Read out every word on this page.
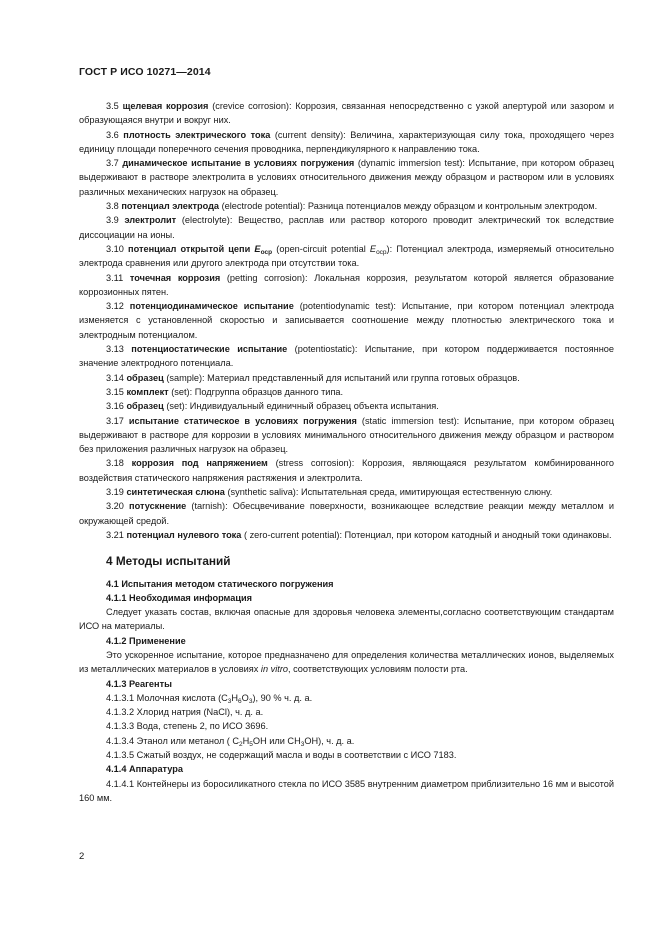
ГОСТ Р ИСО 10271—2014

3.5 щелевая коррозия (crevice corrosion): Коррозия, связанная непосредственно с узкой апертурой или зазором и образующаяся внутри и вокруг них.

3.6 плотность электрического тока (current density): Величина, характеризующая силу тока, проходящего через единицу площади поперечного сечения проводника, перпендикулярного к направлению тока.

3.7 динамическое испытание в условиях погружения (dynamic immersion test): Испытание, при котором образец выдерживают в растворе электролита в условиях относительного движения между образцом и раствором или в условиях различных механических нагрузок на образец.

3.8 потенциал электрода (electrode potential): Разница потенциалов между образцом и контрольным электродом.

3.9 электролит (electrolyte): Вещество, расплав или раствор которого проводит электрический ток вследствие диссоциации на ионы.

3.10 потенциал открытой цепи $E_{ocp}$ (open-circuit potential $E_{ocp}$): Потенциал электрода, измеряемый относительно электрода сравнения или другого электрода при отсутствии тока.

3.11 точечная коррозия (petting corrosion): Локальная коррозия, результатом которой является образование коррозионных пятен.

3.12 потенциодинамическое испытание (potentiodynamic test): Испытание, при котором потенциал электрода изменяется с установленной скоростью и записывается соотношение между плотностью электрического тока и электродным потенциалом.

3.13 потенциостатические испытание (potentiostatic): Испытание, при котором поддерживается постоянное значение электродного потенциала.

3.14 образец (sample): Материал представленный для испытаний или группа готовых образцов.

3.15 комплект (set): Подгруппа образцов данного типа.

3.16 образец (set): Индивидуальный единичный образец объекта испытания.

3.17 испытание статическое в условиях погружения (static immersion test): Испытание, при котором образец выдерживают в растворе для коррозии в условиях минимального относительного движения между образцом и раствором без приложения различных нагрузок на образец.

3.18 коррозия под напряжением (stress corrosion): Коррозия, являющаяся результатом комбинированного воздействия статического напряжения растяжения и электролита.

3.19 синтетическая слюна (synthetic saliva): Испытательная среда, имитирующая естественную слюну.

3.20 потускнение (tarnish): Обесцвечивание поверхности, возникающее вследствие реакции между металлом и окружающей средой.

3.21 потенциал нулевого тока ( zero-current potential): Потенциал, при котором катодный и анодный токи одинаковы.

4 Методы испытаний

4.1 Испытания методом статического погружения

4.1.1 Необходимая информация

Следует указать состав, включая опасные для здоровья человека элементы,согласно соответствующим стандартам ИСО на материалы.

4.1.2 Применение

Это ускоренное испытание, которое предназначено для определения количества металлических ионов, выделяемых из металлических материалов в условиях in vitro, соответствующих условиям полости рта.

4.1.3 Реагенты

4.1.3.1 Молочная кислота $(C_3H_6O_3)$, 90 % ч. д. а.

4.1.3.2 Хлорид натрия (NaCl), ч. д. а.

4.1.3.3 Вода, степень 2, по ИСО 3696.

4.1.3.4 Этанол или метанол ( $C_2H_5OH$ или $CH_3OH$), ч. д. а.

4.1.3.5 Сжатый воздух, не содержащий масла и воды в соответствии с ИСО 7183.

4.1.4 Аппаратура

4.1.4.1 Контейнеры из боросиликатного стекла по ИСО 3585 внутренним диаметром приблизительно 16 мм и высотой 160 мм.

2
